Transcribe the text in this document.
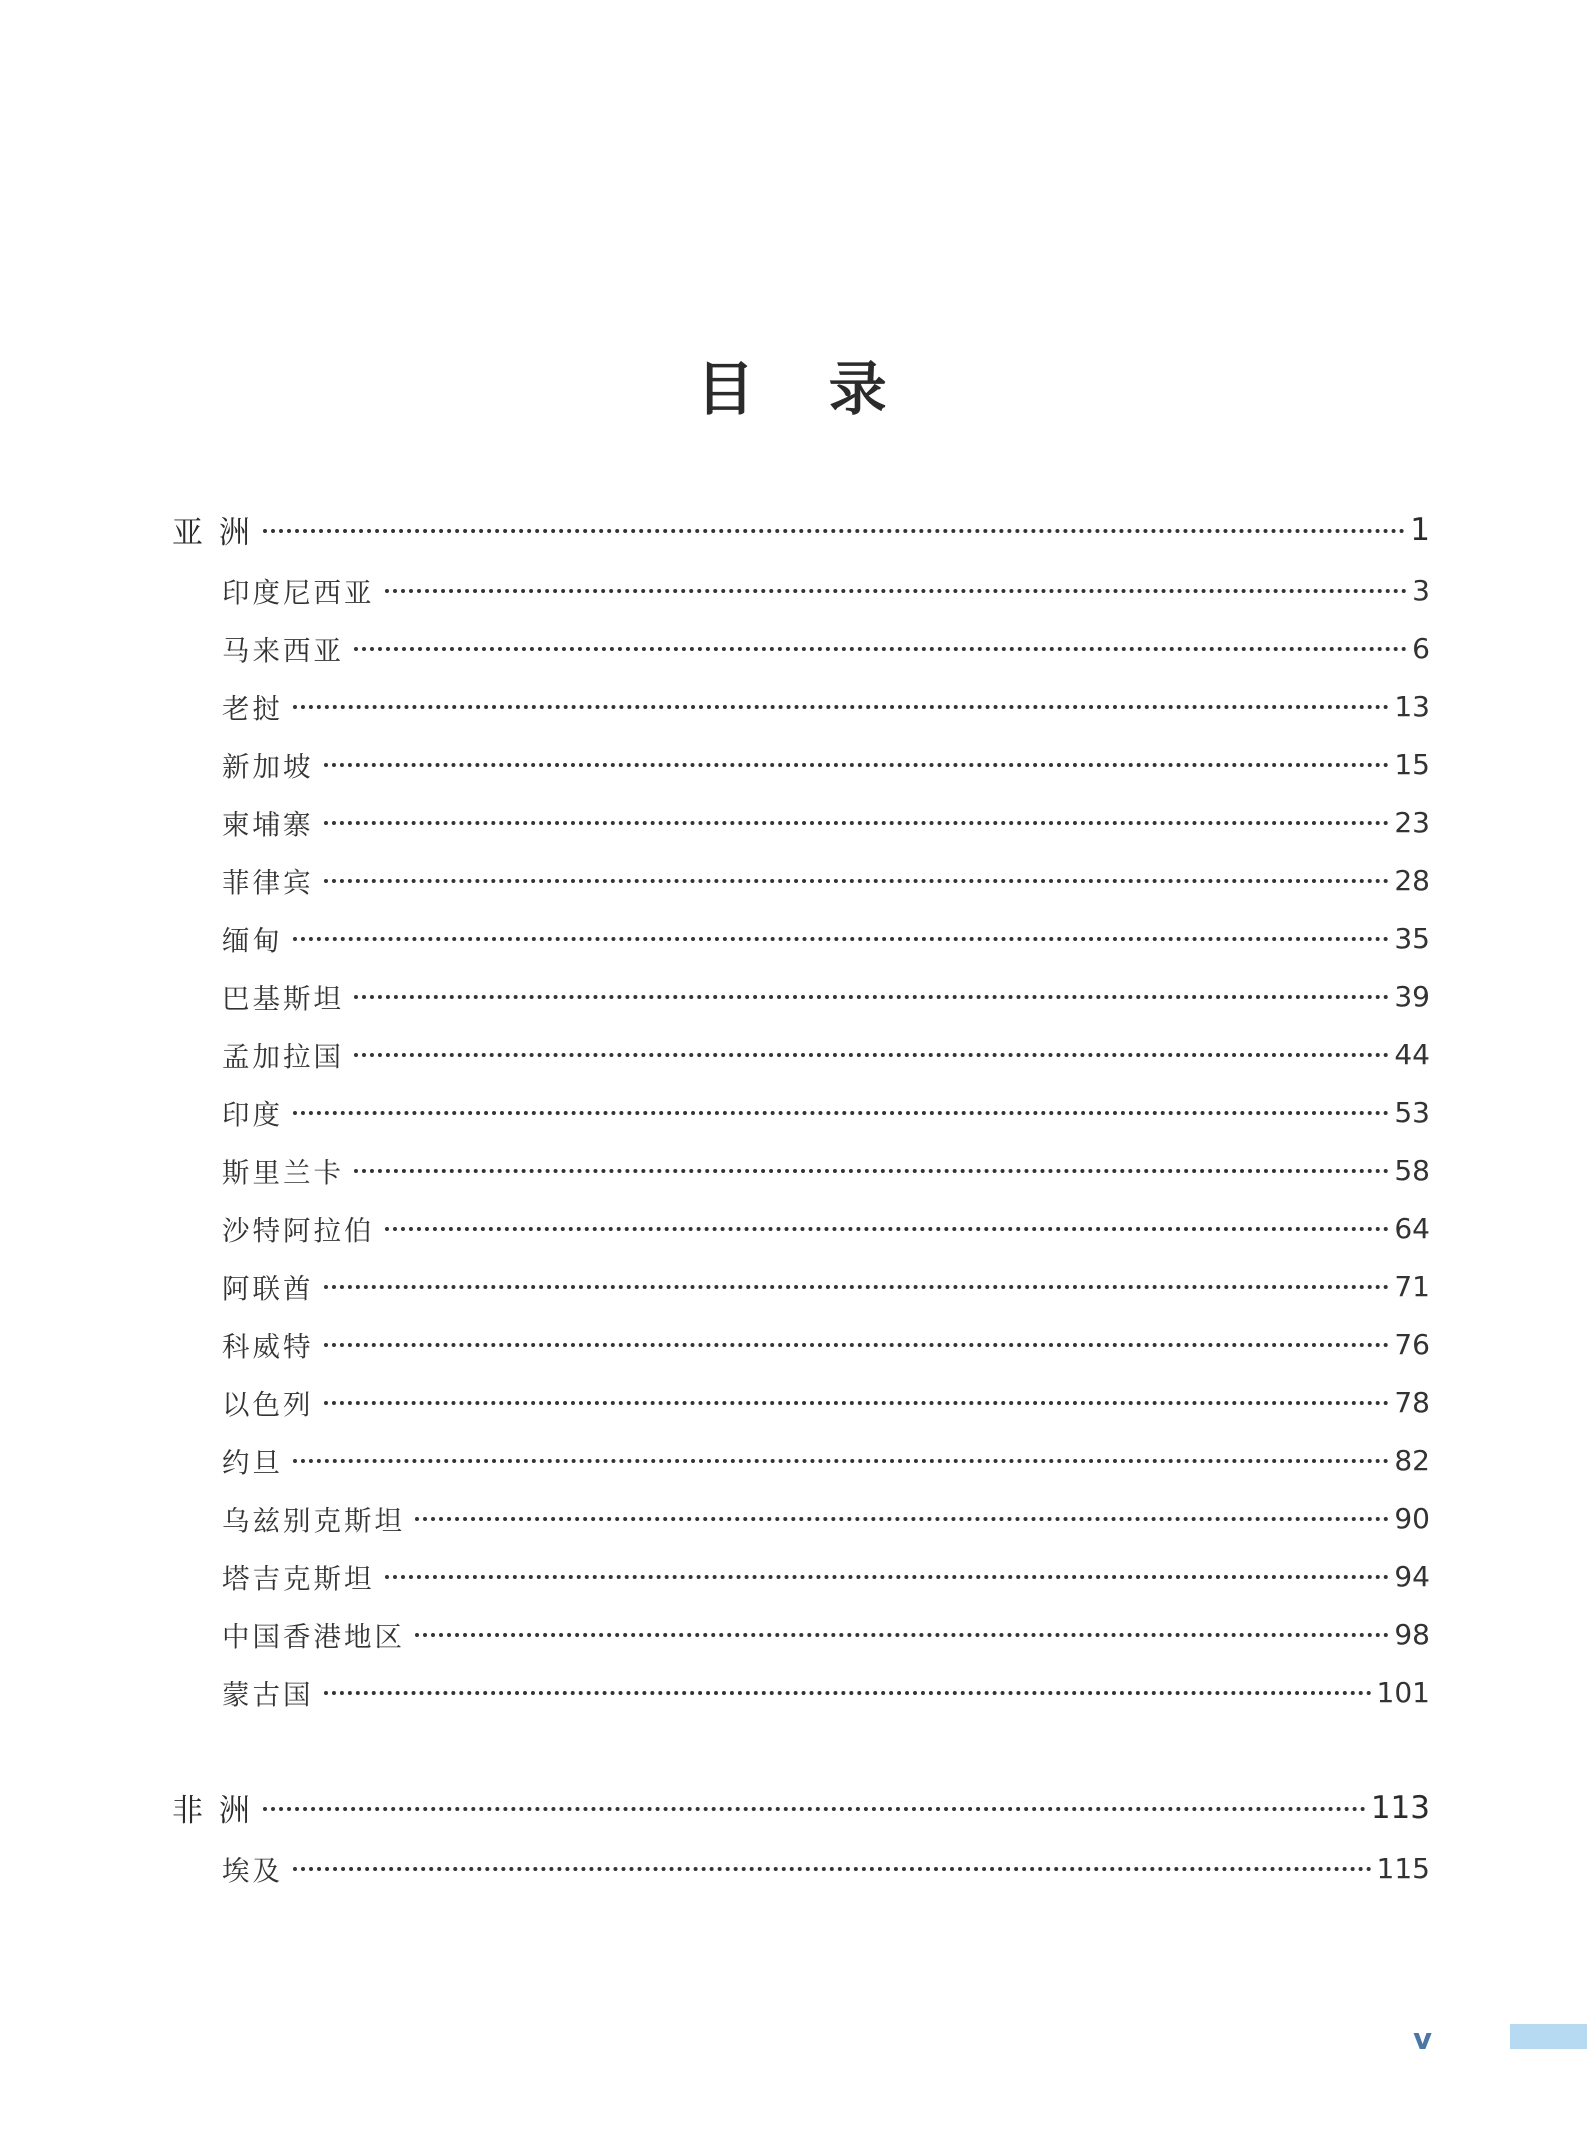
目 录
亚 洲	1
印度尼西亚	3
马来西亚	6
老挝	13
新加坡	15
柬埔寨	23
菲律宾	28
缅甸	35
巴基斯坦	39
孟加拉国	44
印度	53
斯里兰卡	58
沙特阿拉伯	64
阿联酋	71
科威特	76
以色列	78
约旦	82
乌兹别克斯坦	90
塔吉克斯坦	94
中国香港地区	98
蒙古国	101
非 洲	113
埃及	115
v
